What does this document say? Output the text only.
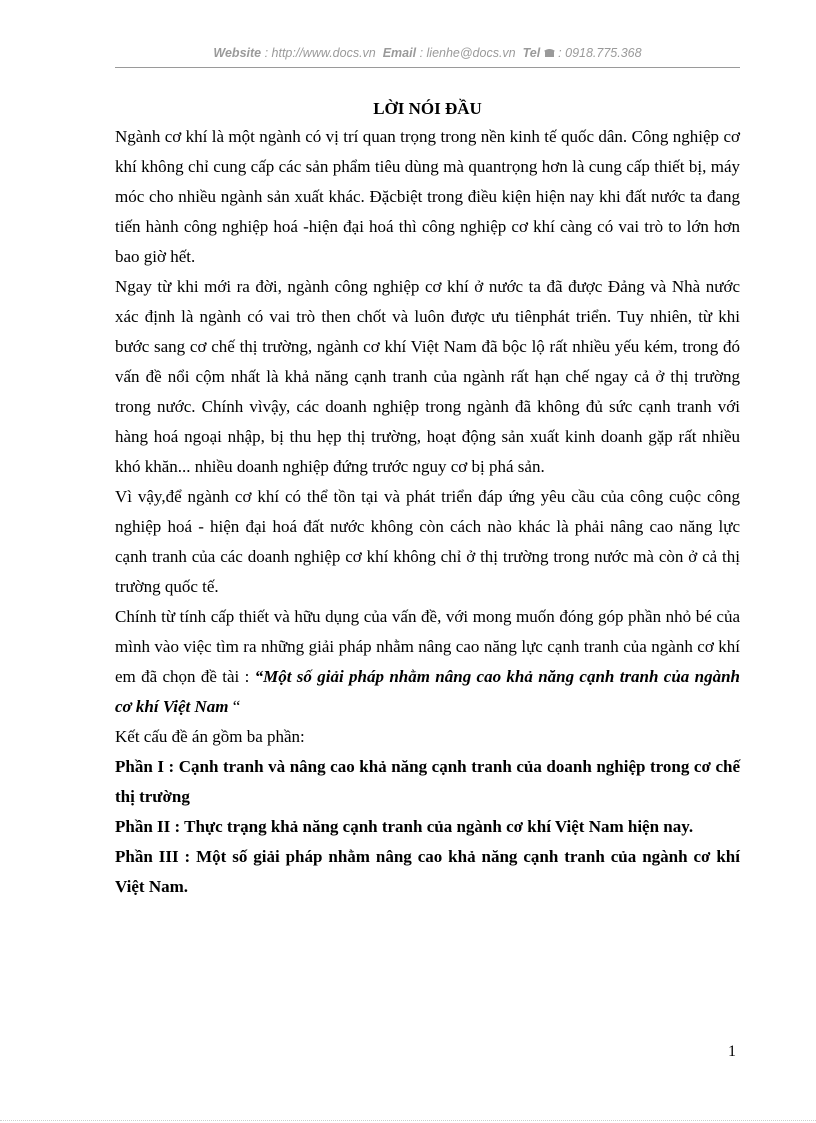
Website : http://www.docs.vn Email : lienhe@docs.vn Tel : 0918.775.368
LỜI NÓI ĐẦU

Ngành cơ khí là một ngành có vị trí quan trọng trong nền kinh tế quốc dân. Công nghiệp cơ khí không chỉ cung cấp các sản phẩm tiêu dùng mà quantrọng hơn là cung cấp thiết bị, máy móc cho nhiều ngành sản xuất khác. Đặcbiệt trong điều kiện hiện nay khi đất nước ta đang tiến hành công nghiệp hoá -hiện đại hoá thì công nghiệp cơ khí càng có vai trò to lớn hơn bao giờ hết.

Ngay từ khi mới ra đời, ngành công nghiệp cơ khí ở nước ta đã được Đảng và Nhà nước xác định là ngành có vai trò then chốt và luôn được ưu tiênphát triển. Tuy nhiên, từ khi bước sang cơ chế thị trường, ngành cơ khí Việt Nam đã bộc lộ rất nhiều yếu kém, trong đó vấn đề nổi cộm nhất là khả năng cạnh tranh của ngành rất hạn chế ngay cả ở thị trường trong nước. Chính vìvậy, các doanh nghiệp trong ngành đã không đủ sức cạnh tranh với hàng hoá ngoại nhập, bị thu hẹp thị trường, hoạt động sản xuất kinh doanh gặp rất nhiều khó khăn... nhiều doanh nghiệp đứng trước nguy cơ bị phá sản.

Vì vậy,để ngành cơ khí có thể tồn tại và phát triển đáp ứng yêu cầu của công cuộc công nghiệp hoá - hiện đại hoá đất nước không còn cách nào khác là phải nâng cao năng lực cạnh tranh của các doanh nghiệp cơ khí không chỉ ở thị trường trong nước mà còn ở cả thị trường quốc tế.

Chính từ tính cấp thiết và hữu dụng của vấn đề, với mong muốn đóng góp phần nhỏ bé của mình vào việc tìm ra những giải pháp nhằm nâng cao năng lực cạnh tranh của ngành cơ khí em đã chọn đề tài : “Một số giải pháp nhằm nâng cao khả năng cạnh tranh của ngành cơ khí Việt Nam “

Kết cấu đề án gồm ba phần:

Phần I : Cạnh tranh và nâng cao khả năng cạnh tranh của doanh nghiệp trong cơ chế thị trường

Phần II : Thực trạng khả năng cạnh tranh của ngành cơ khí Việt Nam hiện nay.

Phần III : Một số giải pháp nhằm nâng cao khả năng cạnh tranh của ngành cơ khí Việt Nam.

1
